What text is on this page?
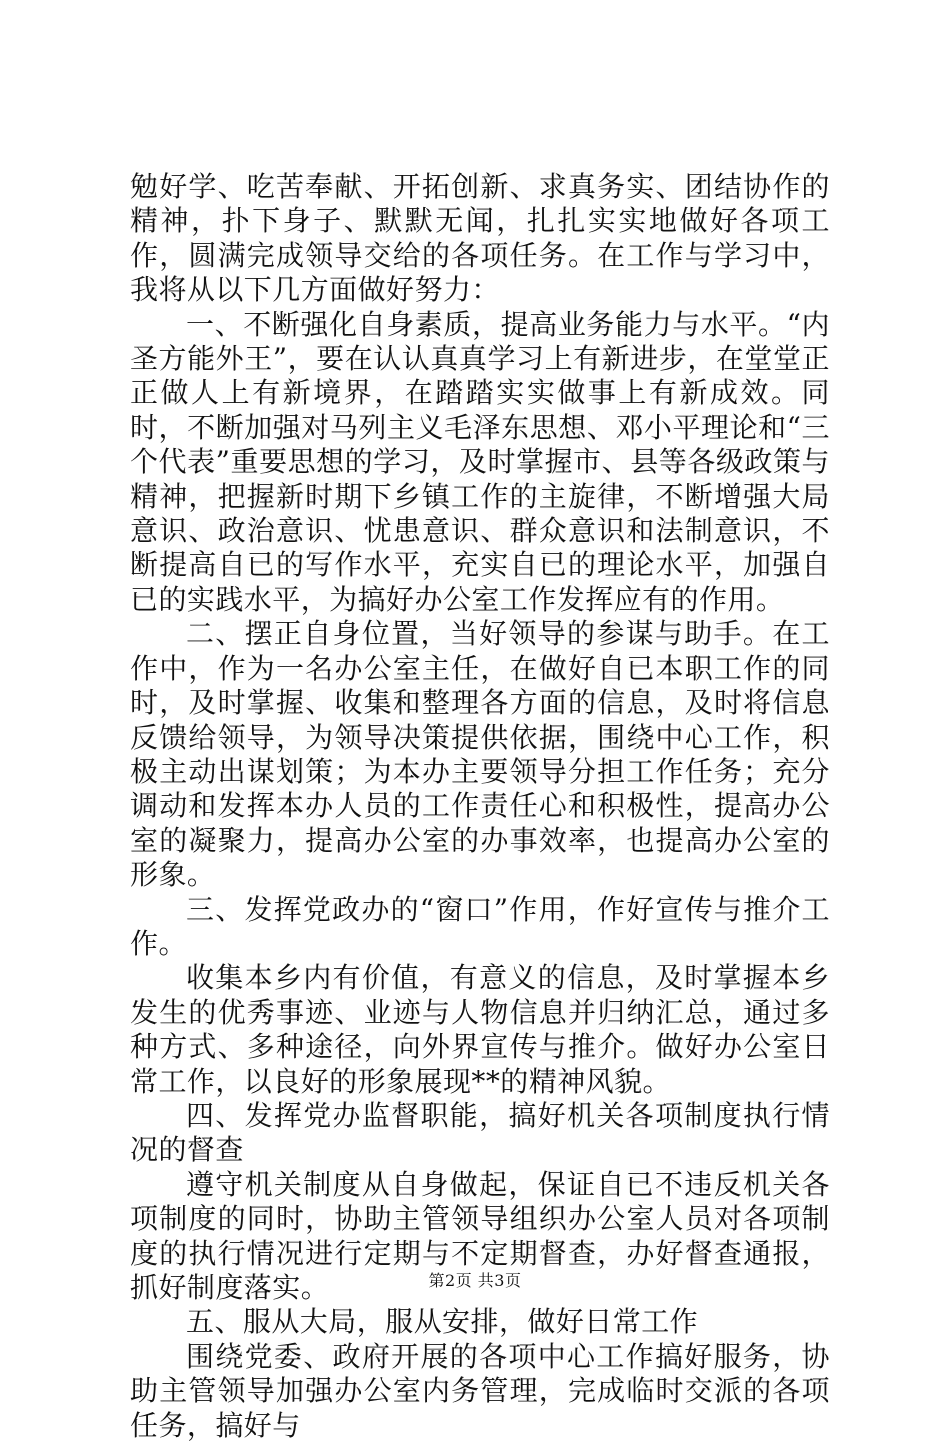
勉好学、吃苦奉献、开拓创新、求真务实、团结协作的精神，扑下身子、默默无闻，扎扎实实地做好各项工作，圆满完成领导交给的各项任务。在工作与学习中，我将从以下几方面做好努力：

一、不断强化自身素质，提高业务能力与水平。“内圣方能外王”，要在认认真真学习上有新进步，在堂堂正正做人上有新境界，在踏踏实实做事上有新成效。同时，不断加强对马列主义毛泽东思想、邓小平理论和“三个代表”重要思想的学习，及时掌握市、县等各级政策与精神，把握新时期下乡镇工作的主旋律，不断增强大局意识、政治意识、忧患意识、群众意识和法制意识，不断提高自已的写作水平，充实自已的理论水平，加强自已的实践水平，为搞好办公室工作发挥应有的作用。

二、摆正自身位置，当好领导的参谋与助手。在工作中，作为一名办公室主任，在做好自已本职工作的同时，及时掌握、收集和整理各方面的信息，及时将信息反馈给领导，为领导决策提供依据，围绕中心工作，积极主动出谋划策；为本办主要领导分担工作任务；充分调动和发挥本办人员的工作责任心和积极性，提高办公室的凝聚力，提高办公室的办事效率，也提高办公室的形象。

三、发挥党政办的“窗口”作用，作好宣传与推介工作。

收集本乡内有价值，有意义的信息，及时掌握本乡发生的优秀事迹、业迹与人物信息并归纳汇总，通过多种方式、多种途径，向外界宣传与推介。做好办公室日常工作，以良好的形象展现**的精神风貌。

四、发挥党办监督职能，搞好机关各项制度执行情况的督查

遵守机关制度从自身做起，保证自已不违反机关各项制度的同时，协助主管领导组织办公室人员对各项制度的执行情况进行定期与不定期督查，办好督查通报，抓好制度落实。

五、服从大局，服从安排，做好日常工作

围绕党委、政府开展的各项中心工作搞好服务，协助主管领导加强办公室内务管理，完成临时交派的各项任务，搞好与

第2页 共3页
